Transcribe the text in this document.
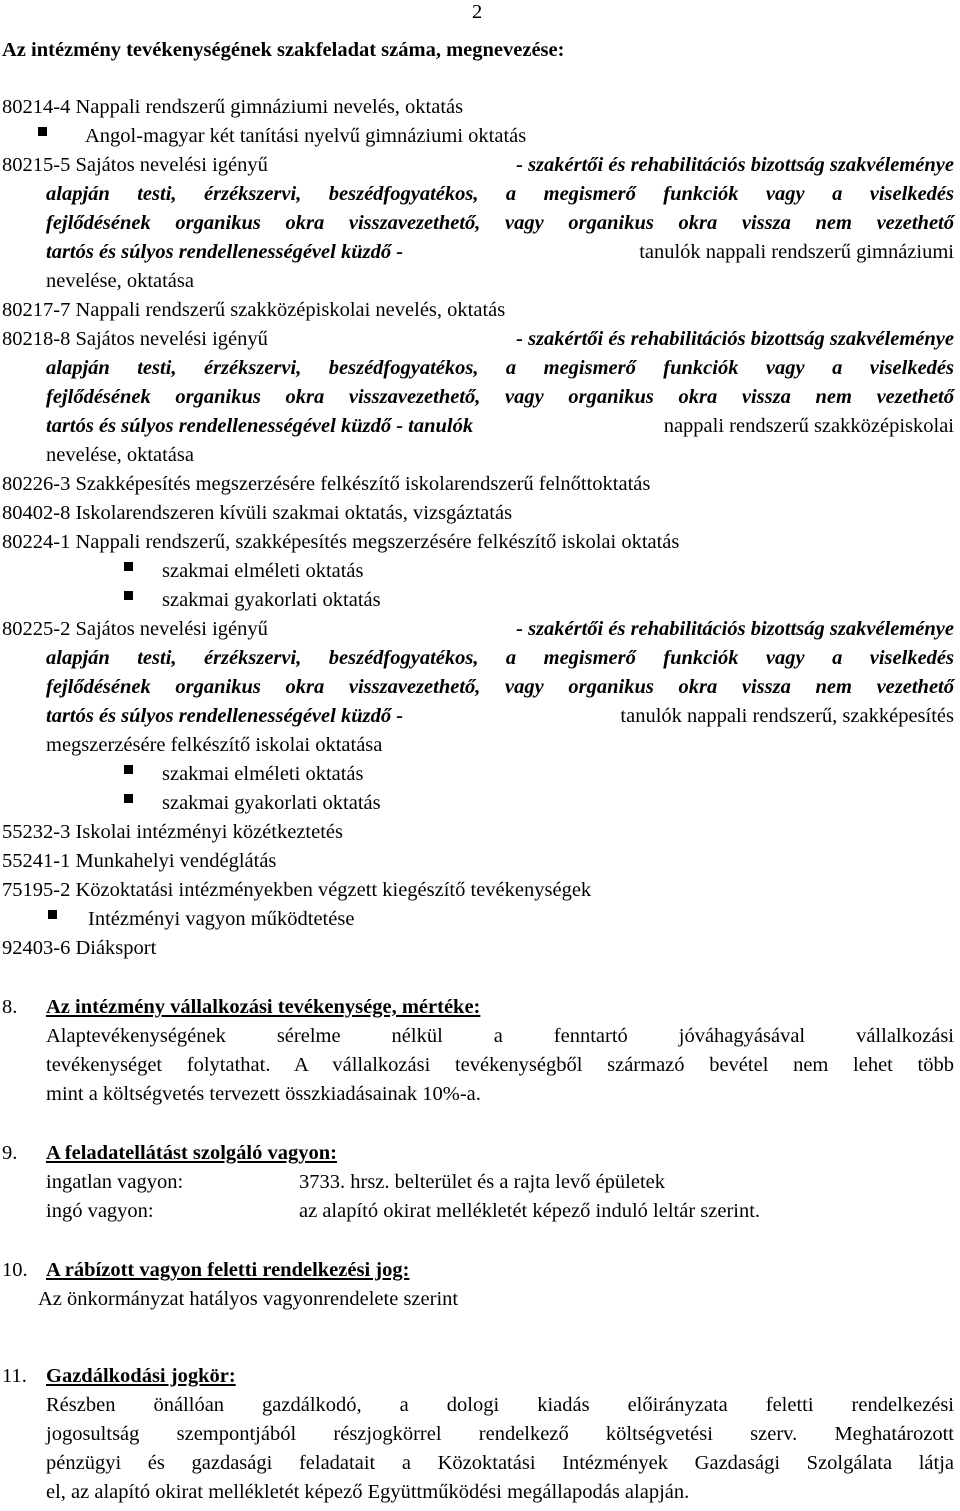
2
Az intézmény tevékenységének szakfeladat száma, megnevezése:
80214-4 Nappali rendszerű gimnáziumi nevelés, oktatás
Angol-magyar két tanítási nyelvű gimnáziumi oktatás
80215-5 Sajátos nevelési igényű	- szakértői és rehabilitációs bizottság szakvéleménye
alapján testi, érzékszervi, beszédfogyatékos, a megismerő funkciók vagy a viselkedés
fejlődésének organikus okra visszavezethető, vagy organikus okra vissza nem vezethető
tartós és súlyos rendellenességével küzdő -	tanulók nappali rendszerű gimnáziumi
nevelése, oktatása
80217-7 Nappali rendszerű szakközépiskolai nevelés, oktatás
80218-8 Sajátos nevelési igényű	- szakértői és rehabilitációs bizottság szakvéleménye
alapján testi, érzékszervi, beszédfogyatékos, a megismerő funkciók vagy a viselkedés
fejlődésének organikus okra visszavezethető, vagy organikus okra vissza nem vezethető
tartós és súlyos rendellenességével küzdő - tanulók	nappali rendszerű szakközépiskolai
nevelése, oktatása
80226-3 Szakképesítés megszerzésére felkészítő iskolarendszerű felnőttoktatás
80402-8 Iskolarendszeren kívüli szakmai oktatás, vizsgáztatás
80224-1 Nappali rendszerű, szakképesítés megszerzésére felkészítő iskolai oktatás
szakmai elméleti oktatás
szakmai gyakorlati oktatás
80225-2 Sajátos nevelési igényű	- szakértői és rehabilitációs bizottság szakvéleménye
alapján testi, érzékszervi, beszédfogyatékos, a megismerő funkciók vagy a viselkedés
fejlődésének organikus okra visszavezethető, vagy organikus okra vissza nem vezethető
tartós és súlyos rendellenességével küzdő -	tanulók nappali rendszerű, szakképesítés
megszerzésére felkészítő iskolai oktatása
szakmai elméleti oktatás
szakmai gyakorlati oktatás
55232-3 Iskolai intézményi közétkeztetés
55241-1 Munkahelyi vendéglátás
75195-2 Közoktatási intézményekben végzett kiegészítő tevékenységek
Intézményi vagyon működtetése
92403-6 Diáksport
8. Az intézmény vállalkozási tevékenysége, mértéke:
Alaptevékenységének sérelme nélkül a fenntartó jóváhagyásával vállalkozási
tevékenységet folytathat. A vállalkozási tevékenységből származó bevétel nem lehet több
mint a költségvetés tervezett összkiadásainak 10%-a.
9. A feladatellátást szolgáló vagyon:
ingatlan vagyon:	3733. hrsz. belterület és a rajta levő épületek
ingó vagyon:	az alapító okirat mellékletét képező induló leltár szerint.
10. A rábízott vagyon feletti rendelkezési jog:
Az önkormányzat hatályos vagyonrendelete szerint
11. Gazdálkodási jogkör:
Részben önállóan gazdálkodó, a dologi kiadás előirányzata feletti rendelkezési
jogosultság szempontjából részjogkörrel rendelkező költségvetési szerv. Meghatározott
pénzügyi és gazdasági feladatait a Közoktatási Intézmények Gazdasági Szolgálata látja
el, az alapító okirat mellékletét képező Együttműködési megállapodás alapján.
